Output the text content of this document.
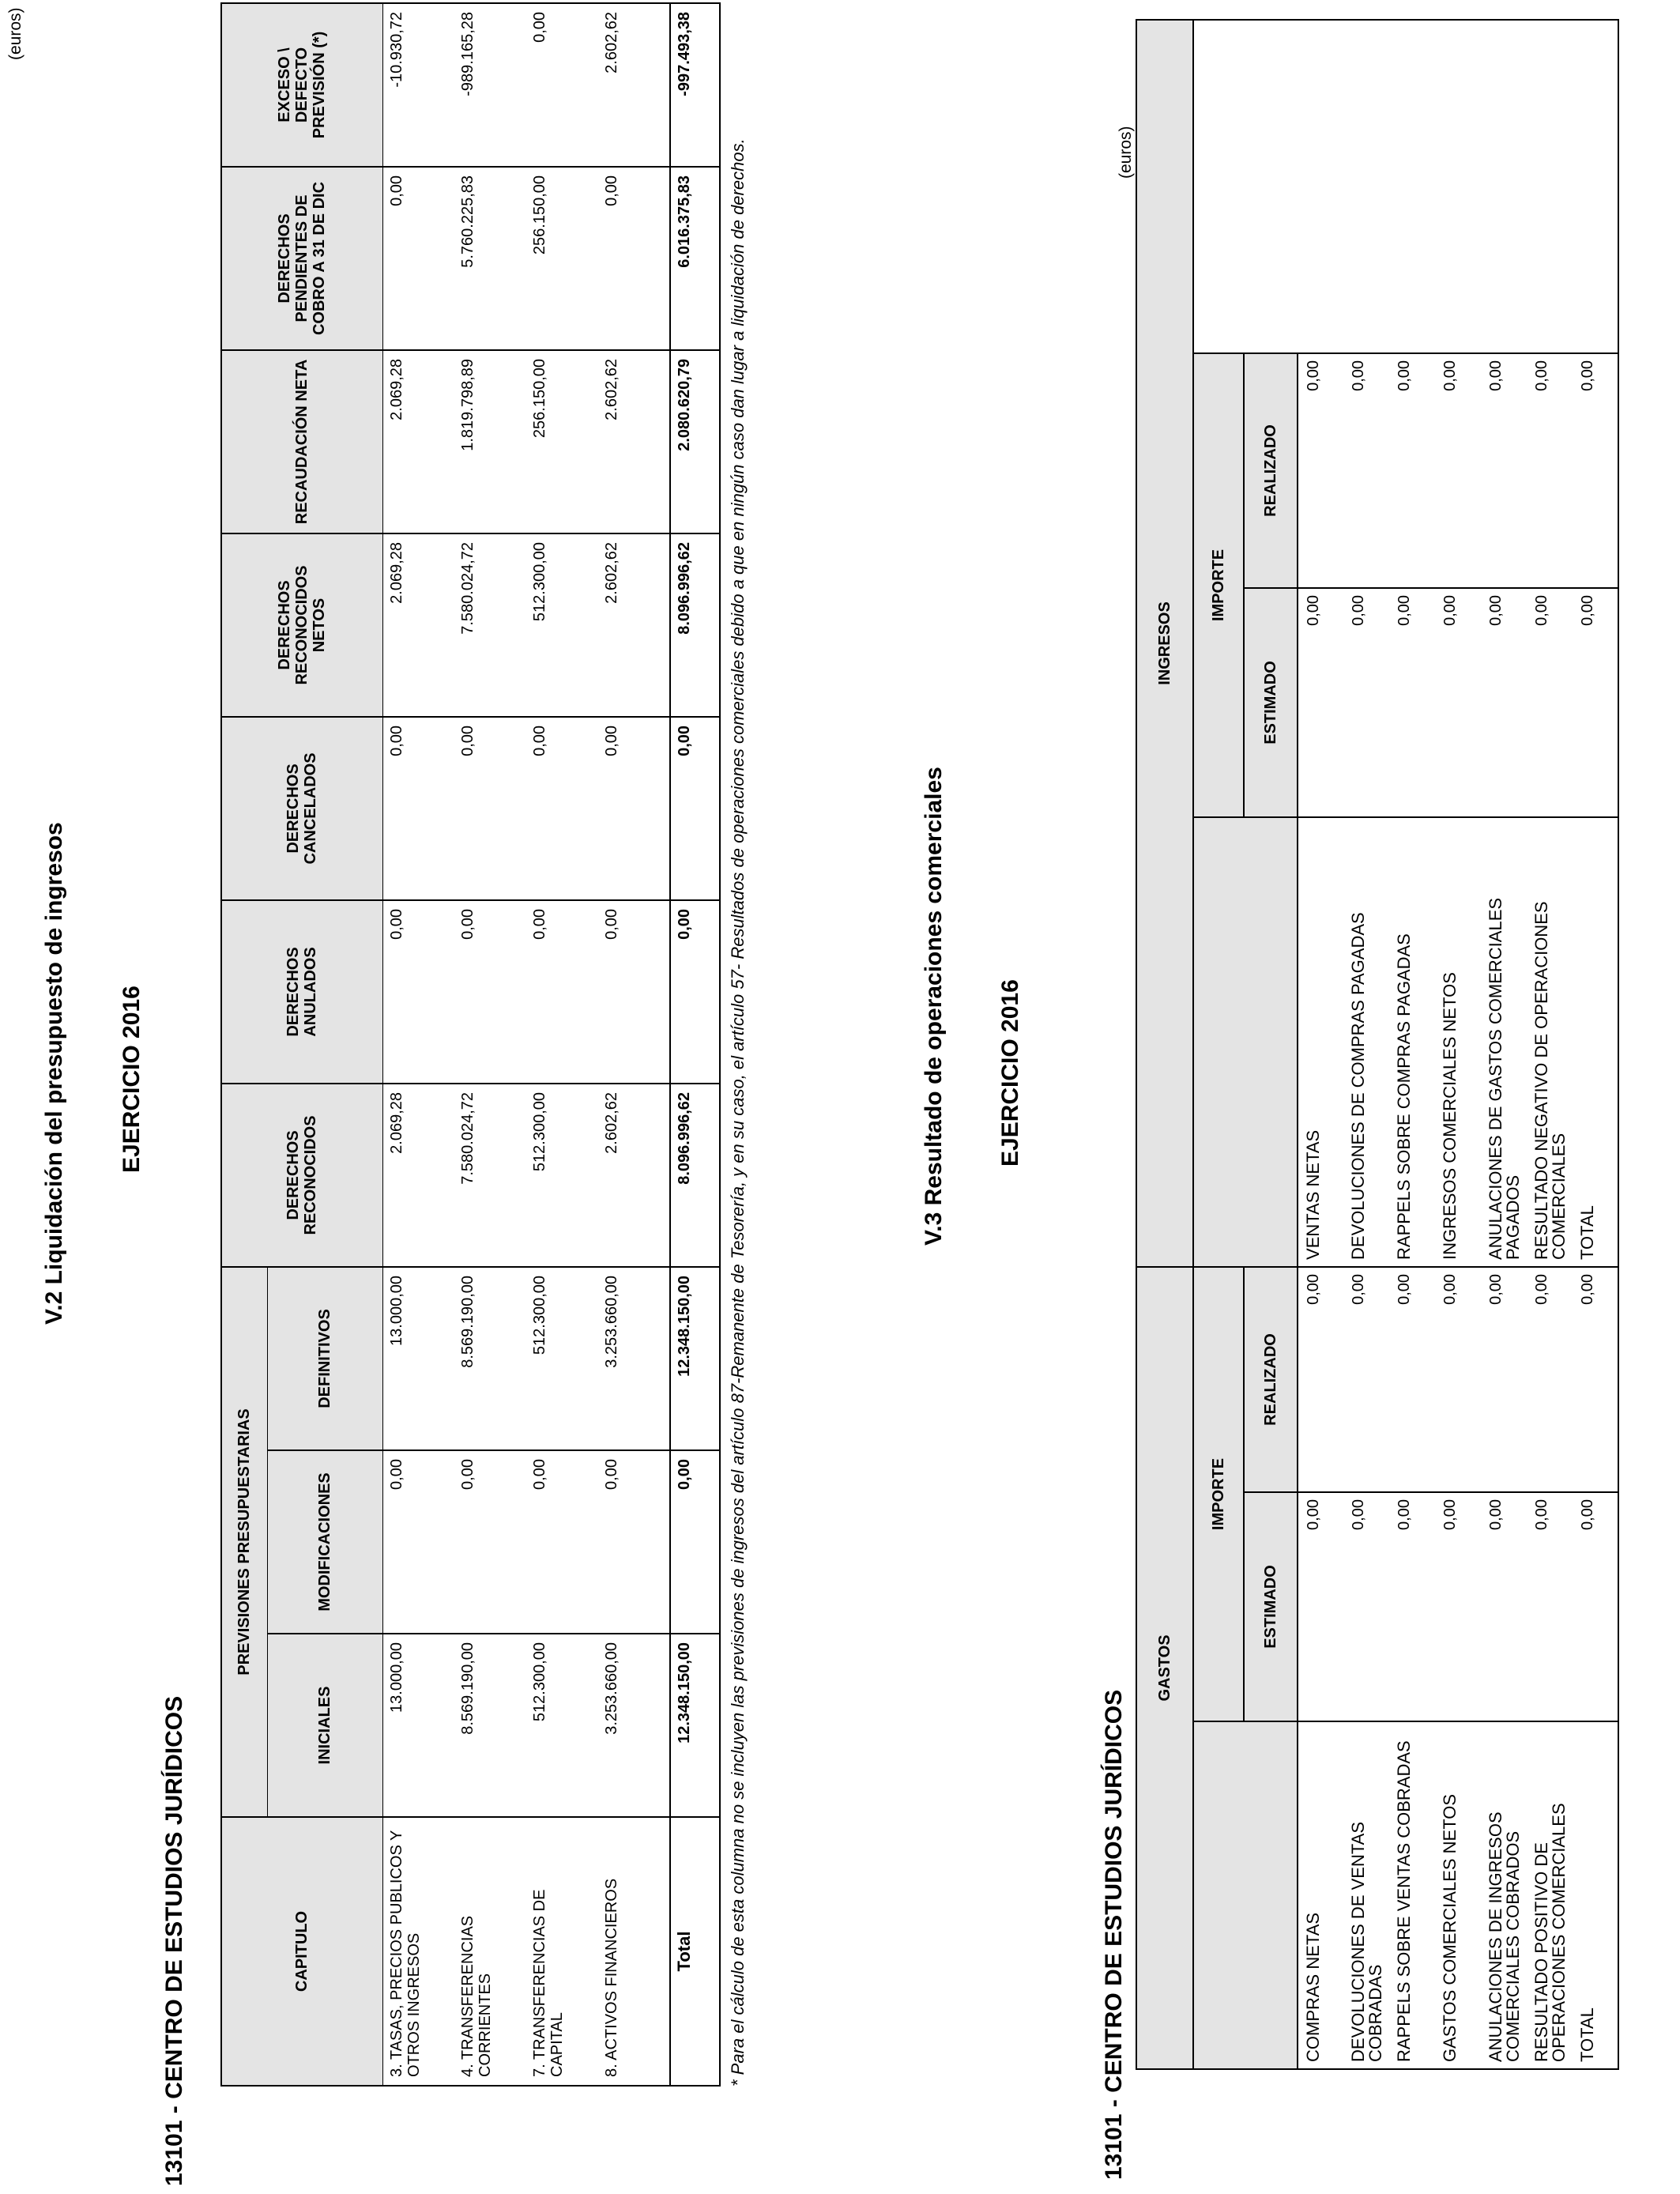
V.2 Liquidación del presupuesto de ingresos EJERCICIO 2016
13101 - CENTRO DE ESTUDIOS JURÍDICOS
(euros)
CAPITULO	PREVISIONES PRESUPUESTARIAS			DERECHOS RECONOCIDOS	DERECHOS ANULADOS	DERECHOS CANCELADOS	DERECHOS RECONOCIDOS NETOS	RECAUDACIÓN NETA	DERECHOS PENDIENTES DE COBRO A 31 DE DIC	EXCESO \ DEFECTO PREVISIÓN (*)
	INICIALES	MODIFICACIONES	DEFINITIVOS							
3. TASAS, PRECIOS PUBLICOS Y OTROS INGRESOS	13.000,00	0,00	13.000,00	2.069,28	0,00	0,00	2.069,28	2.069,28	0,00	-10.930,72
4. TRANSFERENCIAS CORRIENTES	8.569.190,00	0,00	8.569.190,00	7.580.024,72	0,00	0,00	7.580.024,72	1.819.798,89	5.760.225,83	-989.165,28
7. TRANSFERENCIAS DE CAPITAL	512.300,00	0,00	512.300,00	512.300,00	0,00	0,00	512.300,00	256.150,00	256.150,00	0,00
8. ACTIVOS FINANCIEROS	3.253.660,00	0,00	3.253.660,00	2.602,62	0,00	0,00	2.602,62	2.602,62	0,00	2.602,62
Total	12.348.150,00	0,00	12.348.150,00	8.096.996,62	0,00	0,00	8.096.996,62	2.080.620,79	6.016.375,83	-997.493,38
* Para el cálculo de esta columna no se incluyen las previsiones de ingresos del artículo 87-Remanente de Tesorería, y en su caso, el artículo 57- Resultados de operaciones comerciales debido a que en ningún caso dan lugar a liquidación de derechos.	V.3 Resultado de operaciones comerciales EJERCICIO 2016
13101 - CENTRO DE ESTUDIOS JURÍDICOS
(euros)
GASTOS			INGRESOS			
	IMPORTE			IMPORTE		
	ESTIMADO	REALIZADO		ESTIMADO	REALIZADO	
COMPRAS NETAS	0,00	0,00	VENTAS NETAS	0,00	0,00	
DEVOLUCIONES DE VENTAS COBRADAS	0,00	0,00	DEVOLUCIONES DE COMPRAS PAGADAS	0,00	0,00	
RAPPELS SOBRE VENTAS COBRADAS	0,00	0,00	RAPPELS SOBRE COMPRAS PAGADAS	0,00	0,00	
GASTOS COMERCIALES NETOS	0,00	0,00	INGRESOS COMERCIALES NETOS	0,00	0,00	
ANULACIONES DE INGRESOS COMERCIALES COBRADOS	0,00	0,00	ANULACIONES DE GASTOS COMERCIALES PAGADOS	0,00	0,00	
RESULTADO POSITIVO DE OPERACIONES COMERCIALES	0,00	0,00	RESULTADO NEGATIVO DE OPERACIONES COMERCIALES	0,00	0,00	
TOTAL	0,00	0,00	TOTAL	0,00	0,00	
